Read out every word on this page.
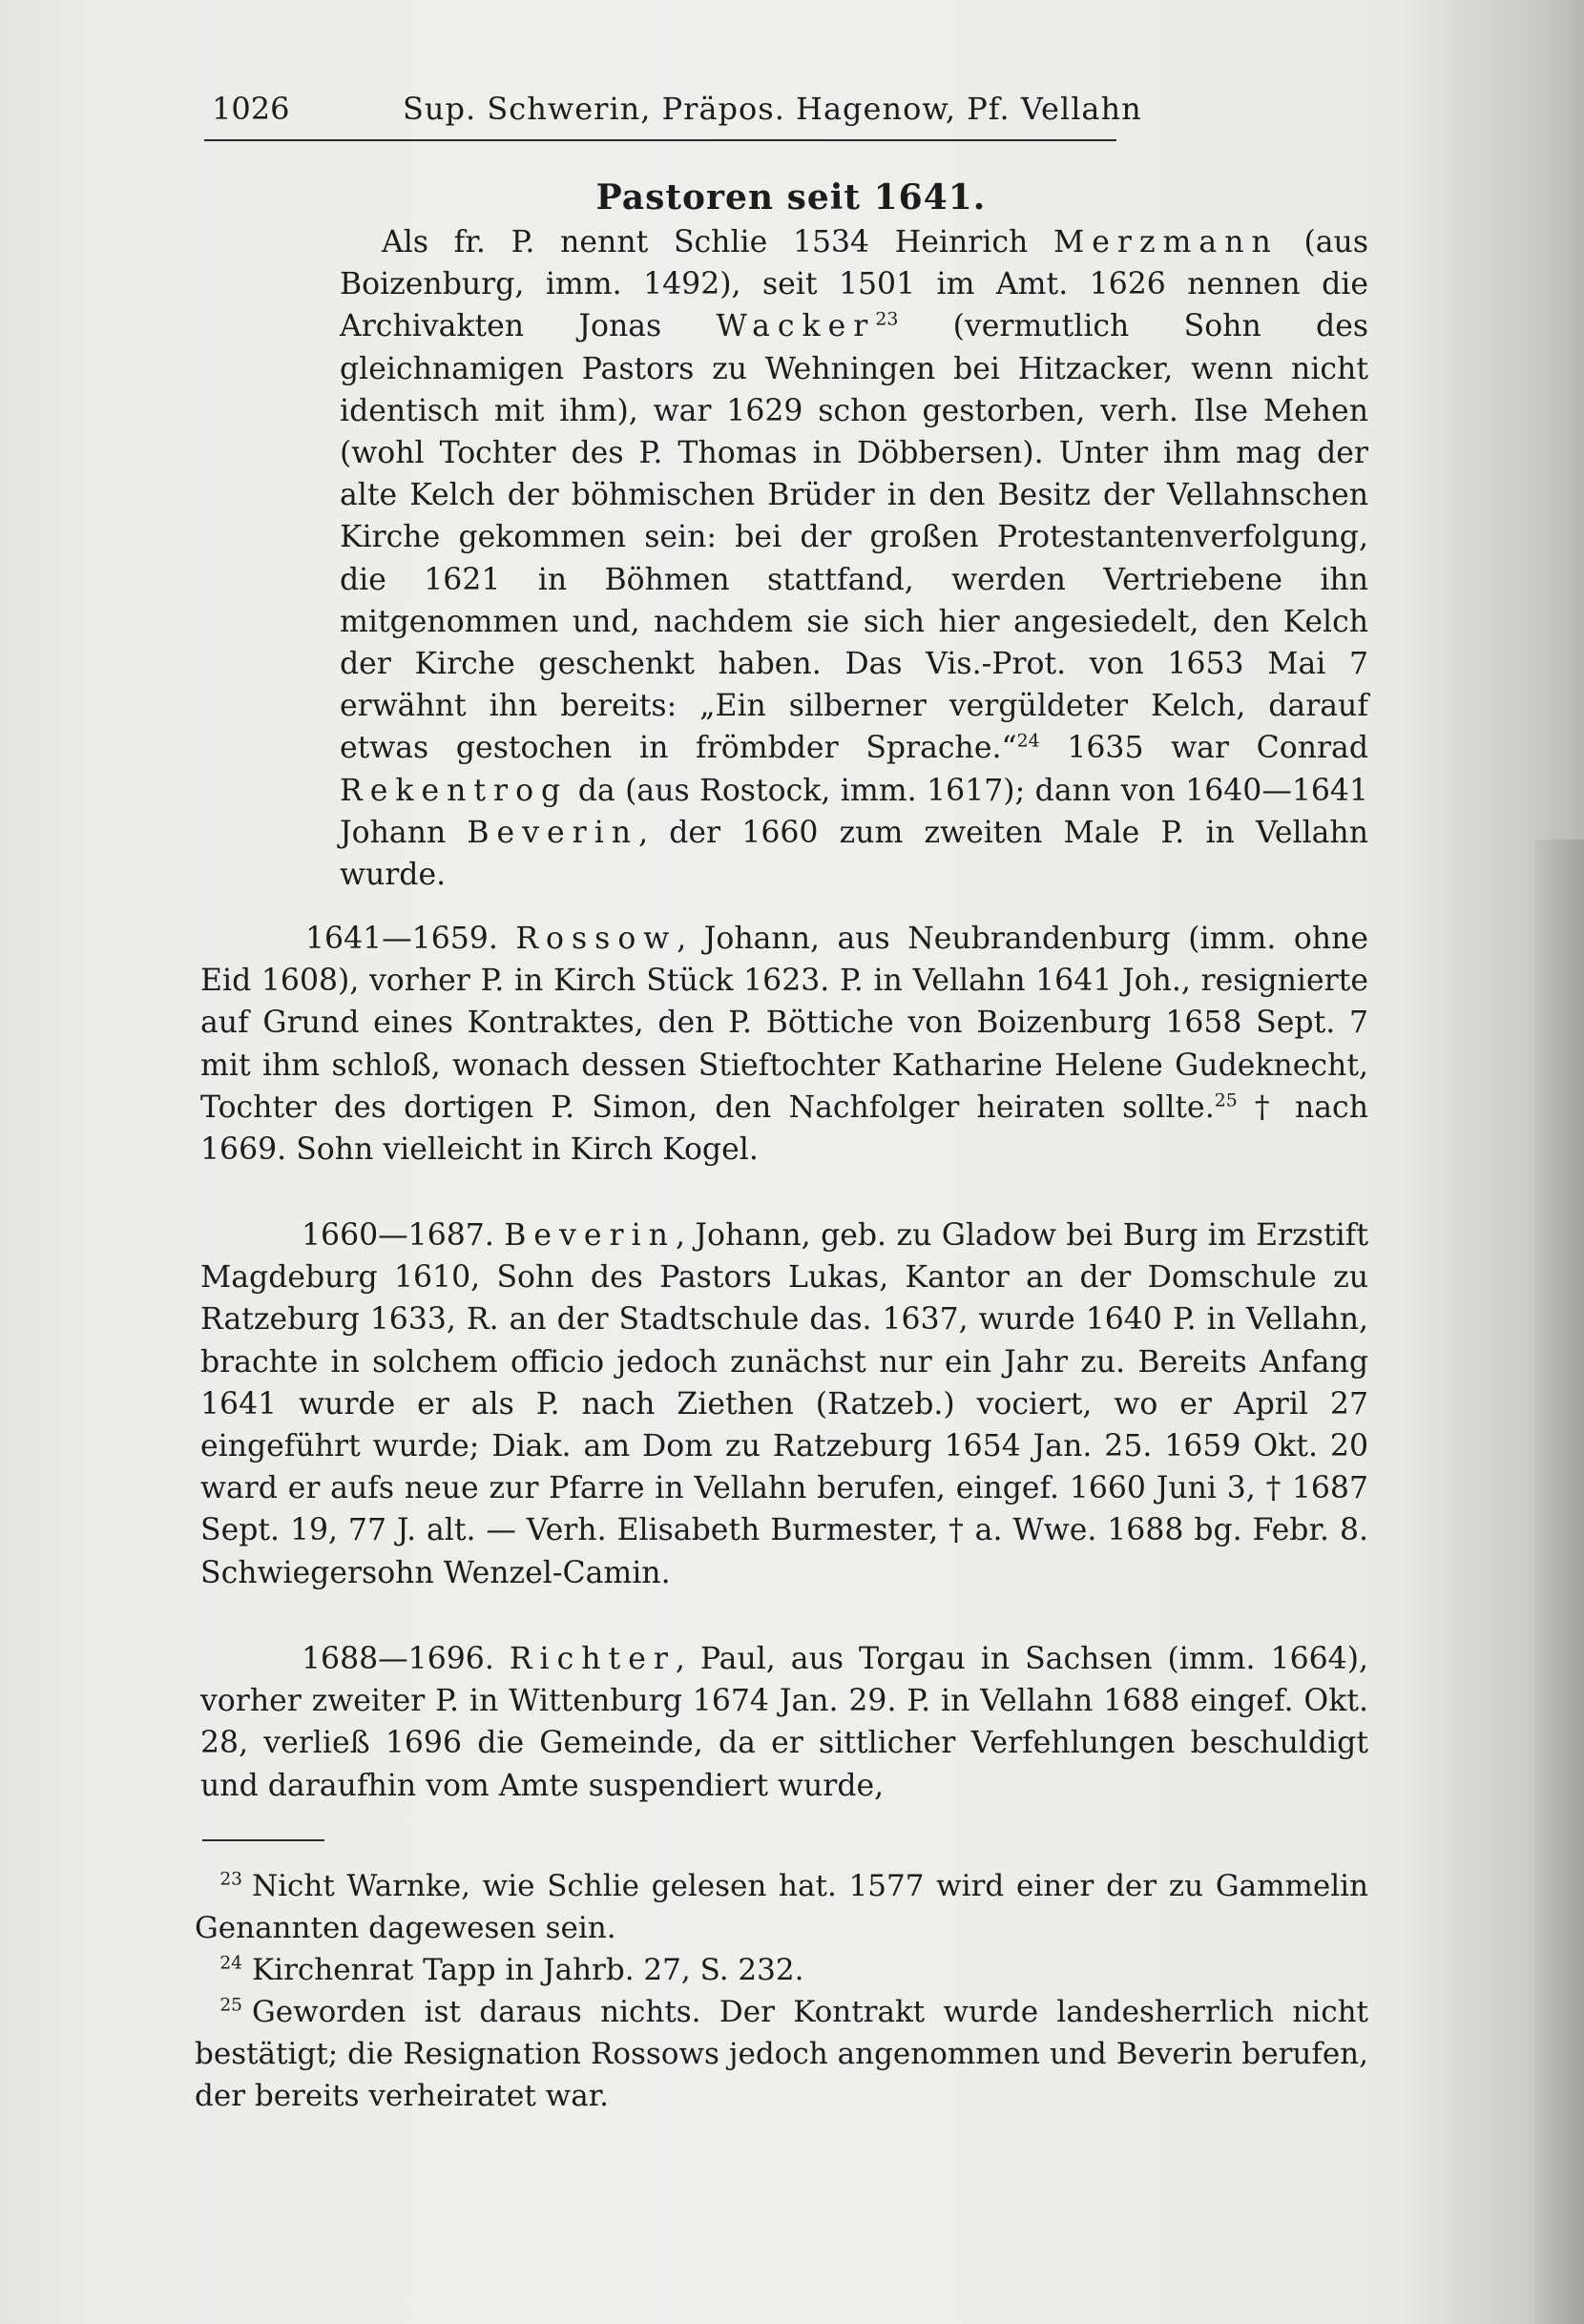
1026	Sup. Schwerin, Präpos. Hagenow, Pf. Vellahn
Pastoren seit 1641.
Als fr. P. nennt Schlie 1534 Heinrich Merzmann (aus Boizenburg, imm. 1492), seit 1501 im Amt. 1626 nennen die Archivakten Jonas Wacker$^{23}$ (vermutlich Sohn des gleichnamigen Pastors zu Wehningen bei Hitzacker, wenn nicht identisch mit ihm), war 1629 schon gestorben, verh. Ilse Mehen (wohl Tochter des P. Thomas in Döbbersen). Unter ihm mag der alte Kelch der böhmischen Brüder in den Besitz der Vellahnschen Kirche gekommen sein: bei der großen Protestantenverfolgung, die 1621 in Böhmen stattfand, werden Vertriebene ihn mitgenommen und, nachdem sie sich hier angesiedelt, den Kelch der Kirche geschenkt haben. Das Vis.-Prot. von 1653 Mai 7 erwähnt ihn bereits: „Ein silberner vergüldeter Kelch, darauf etwas gestochen in frömbder Sprache.“$^{24}$ 1635 war Conrad Rekentrog da (aus Rostock, imm. 1617); dann von 1640—1641 Johann Beverin, der 1660 zum zweiten Male P. in Vellahn wurde.
1641—1659. Rossow, Johann, aus Neubrandenburg (imm. ohne Eid 1608), vorher P. in Kirch Stück 1623. P. in Vellahn 1641 Joh., resignierte auf Grund eines Kontraktes, den P. Böttiche von Boizenburg 1658 Sept. 7 mit ihm schloß, wonach dessen Stieftochter Katharine Helene Gudeknecht, Tochter des dortigen P. Simon, den Nachfolger heiraten sollte.$^{25}$ † nach 1669. Sohn vielleicht in Kirch Kogel.
1660—1687. Beverin, Johann, geb. zu Gladow bei Burg im Erzstift Magdeburg 1610, Sohn des Pastors Lukas, Kantor an der Domschule zu Ratzeburg 1633, R. an der Stadtschule das. 1637, wurde 1640 P. in Vellahn, brachte in solchem officio jedoch zunächst nur ein Jahr zu. Bereits Anfang 1641 wurde er als P. nach Ziethen (Ratzeb.) vociert, wo er April 27 eingeführt wurde; Diak. am Dom zu Ratzeburg 1654 Jan. 25. 1659 Okt. 20 ward er aufs neue zur Pfarre in Vellahn berufen, eingef. 1660 Juni 3, † 1687 Sept. 19, 77 J. alt. — Verh. Elisabeth Burmester, † a. Wwe. 1688 bg. Febr. 8. Schwiegersohn Wenzel-Camin.
1688—1696. Richter, Paul, aus Torgau in Sachsen (imm. 1664), vorher zweiter P. in Wittenburg 1674 Jan. 29. P. in Vellahn 1688 eingef. Okt. 28, verließ 1696 die Gemeinde, da er sittlicher Verfehlungen beschuldigt und daraufhin vom Amte suspendiert wurde,
$^{23}$ Nicht Warnke, wie Schlie gelesen hat. 1577 wird einer der zu Gammelin Genannten dagewesen sein.
$^{24}$ Kirchenrat Tapp in Jahrb. 27, S. 232.
$^{25}$ Geworden ist daraus nichts. Der Kontrakt wurde landesherrlich nicht bestätigt; die Resignation Rossows jedoch angenommen und Beverin berufen, der bereits verheiratet war.
